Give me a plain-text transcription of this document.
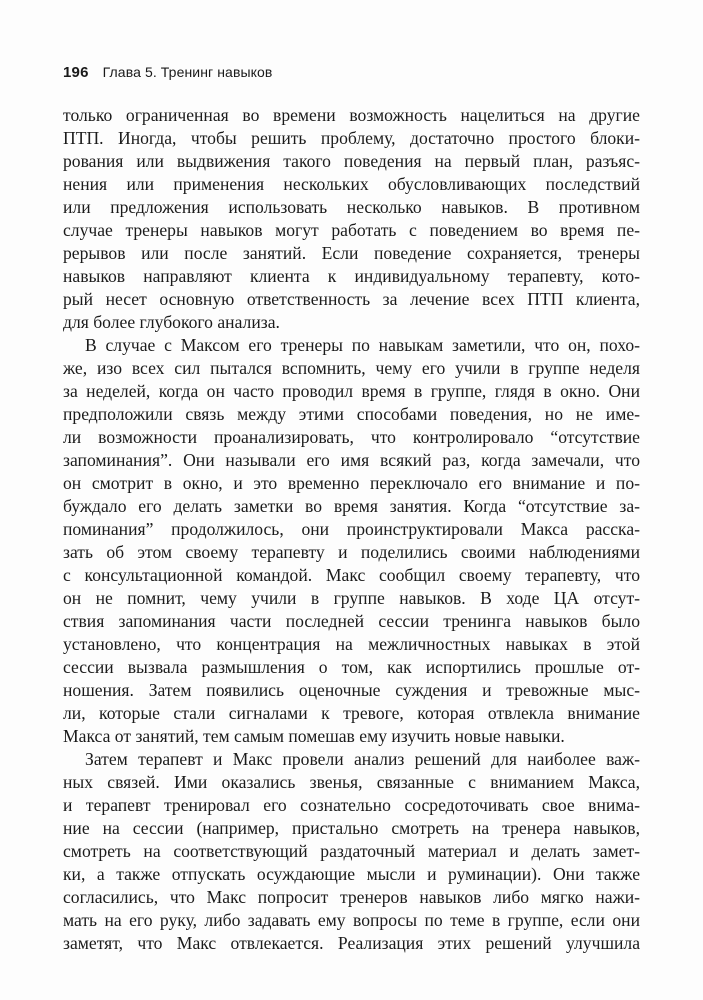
196 Глава 5. Тренинг навыков
только ограниченная во времени возможность нацелиться на другие
ПТП. Иногда, чтобы решить проблему, достаточно простого блоки-
рования или выдвижения такого поведения на первый план, разъяс-
нения или применения нескольких обусловливающих последствий
или предложения использовать несколько навыков. В противном
случае тренеры навыков могут работать с поведением во время пе-
рерывов или после занятий. Если поведение сохраняется, тренеры
навыков направляют клиента к индивидуальному терапевту, кото-
рый несет основную ответственность за лечение всех ПТП клиента,
для более глубокого анализа.
В случае с Максом его тренеры по навыкам заметили, что он, похо-
же, изо всех сил пытался вспомнить, чему его учили в группе неделя
за неделей, когда он часто проводил время в группе, глядя в окно. Они
предположили связь между этими способами поведения, но не име-
ли возможности проанализировать, что контролировало “отсутствие
запоминания”. Они называли его имя всякий раз, когда замечали, что
он смотрит в окно, и это временно переключало его внимание и по-
буждало его делать заметки во время занятия. Когда “отсутствие за-
поминания” продолжилось, они проинструктировали Макса расска-
зать об этом своему терапевту и поделились своими наблюдениями
с консультационной командой. Макс сообщил своему терапевту, что
он не помнит, чему учили в группе навыков. В ходе ЦА отсут-
ствия запоминания части последней сессии тренинга навыков было
установлено, что концентрация на межличностных навыках в этой
сессии вызвала размышления о том, как испортились прошлые от-
ношения. Затем появились оценочные суждения и тревожные мыс-
ли, которые стали сигналами к тревоге, которая отвлекла внимание
Макса от занятий, тем самым помешав ему изучить новые навыки.
Затем терапевт и Макс провели анализ решений для наиболее важ-
ных связей. Ими оказались звенья, связанные с вниманием Макса,
и терапевт тренировал его сознательно сосредоточивать свое внима-
ние на сессии (например, пристально смотреть на тренера навыков,
смотреть на соответствующий раздаточный материал и делать замет-
ки, а также отпускать осуждающие мысли и руминации). Они также
согласились, что Макс попросит тренеров навыков либо мягко нажи-
мать на его руку, либо задавать ему вопросы по теме в группе, если они
заметят, что Макс отвлекается. Реализация этих решений улучшила
